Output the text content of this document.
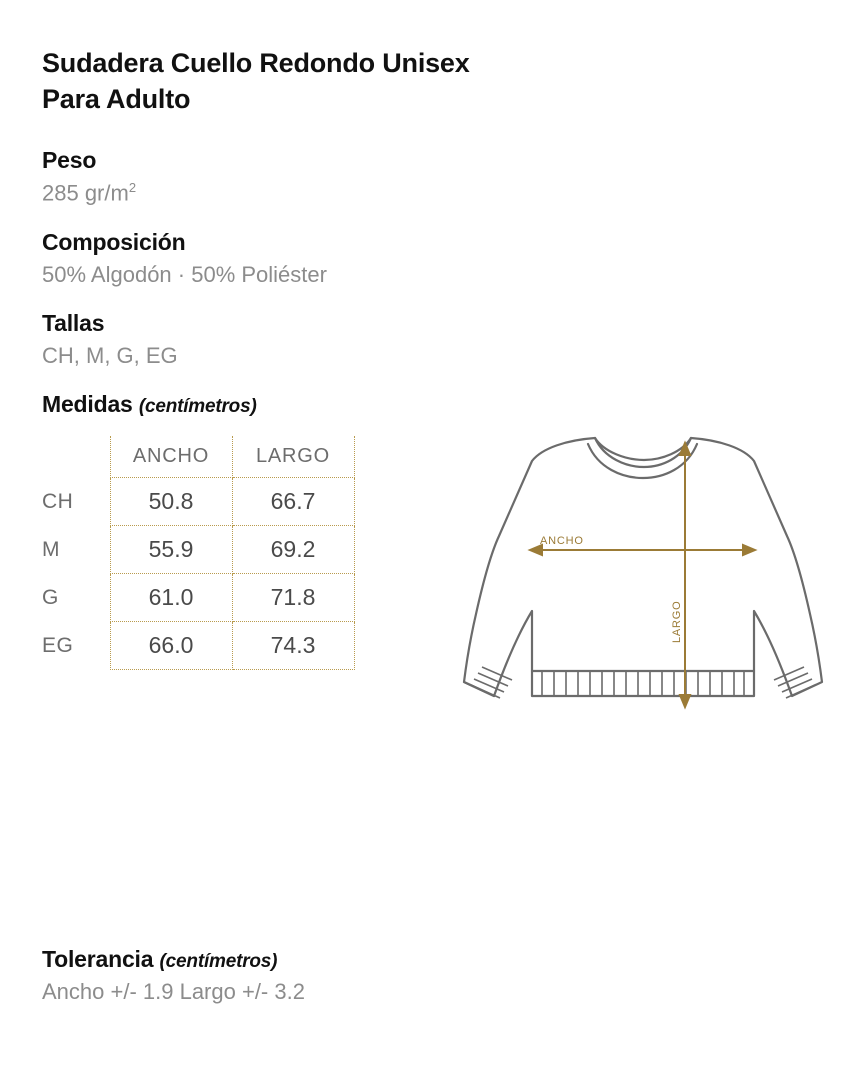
Sudadera Cuello Redondo Unisex Para Adulto
Peso
285 $gr/m^2$
Composición
50% Algodón · 50% Poliéster
Tallas
CH, M, G, EG
Medidas (centímetros)
	ANCHO	LARGO
CH	50.8	66.7
M	55.9	69.2
G	61.0	71.8
EG	66.0	74.3
ANCHO
LARGO
Tolerancia (centímetros)
Ancho +/- 1.9 Largo +/- 3.2
